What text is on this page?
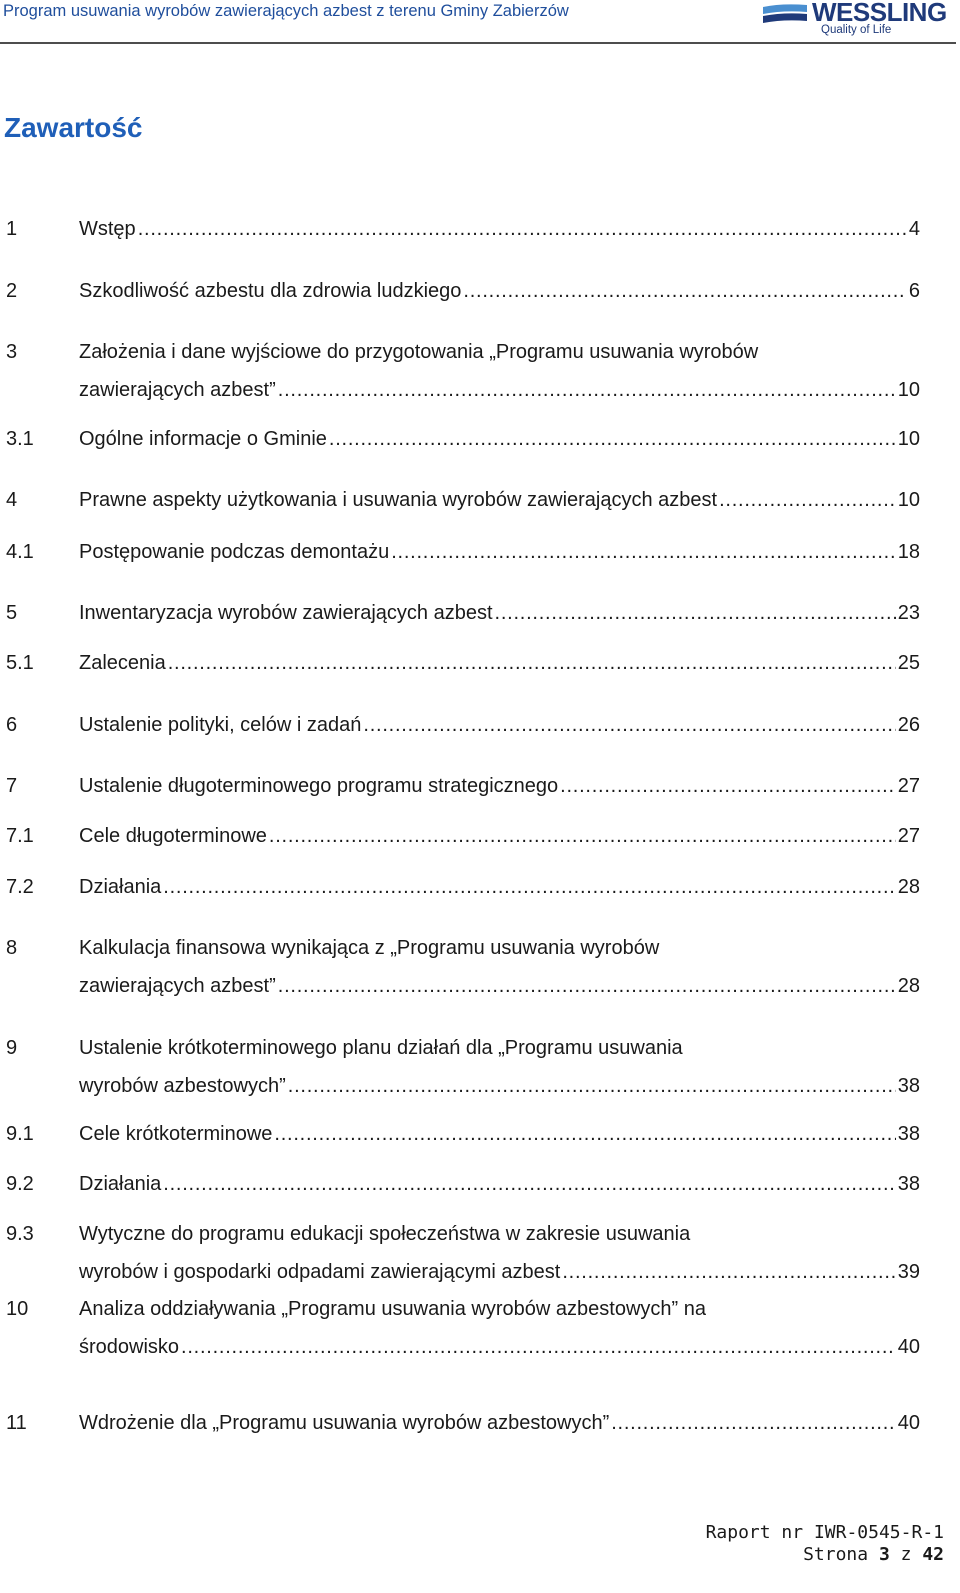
Program usuwania wyrobów zawierających azbest z terenu Gminy Zabierzów	WESSLING
Quality of Life
Zawartość
1	Wstęp . . .	4
2	Szkodliwość azbestu dla zdrowia ludzkiego . . .	6
3	Założenia i dane wyjściowe do przygotowania „Programu usuwania wyrobów
zawierających azbest” . . .	10
3.1 Ogólne informacje o Gminie . . .	10
4	Prawne aspekty użytkowania i usuwania wyrobów zawierających azbest . . .	10
4.1 Postępowanie podczas demontażu . . .	18
5	Inwentaryzacja wyrobów zawierających azbest . . .	23
5.1 Zalecenia . . .	25
6	Ustalenie polityki, celów i zadań . . .	26
7	Ustalenie długoterminowego programu strategicznego . . .	27
7.1 Cele długoterminowe . . .	27
7.2 Działania . . .	28
8	Kalkulacja finansowa wynikająca z „Programu usuwania wyrobów
zawierających azbest” . . .	28
9	Ustalenie krótkoterminowego planu działań dla „Programu usuwania
wyrobów azbestowych” . . .	38
9.1 Cele krótkoterminowe . . .	38
9.2 Działania . . .	38
9.3 Wytyczne do programu edukacji społeczeństwa w zakresie usuwania
wyrobów i gospodarki odpadami zawierającymi azbest . . .	39
10	Analiza oddziaływania „Programu usuwania wyrobów azbestowych” na
środowisko . . .	40
11	Wdrożenie dla „Programu usuwania wyrobów azbestowych” . . .	40
Raport nr IWR-0545-R-1
Strona 3 z 42
